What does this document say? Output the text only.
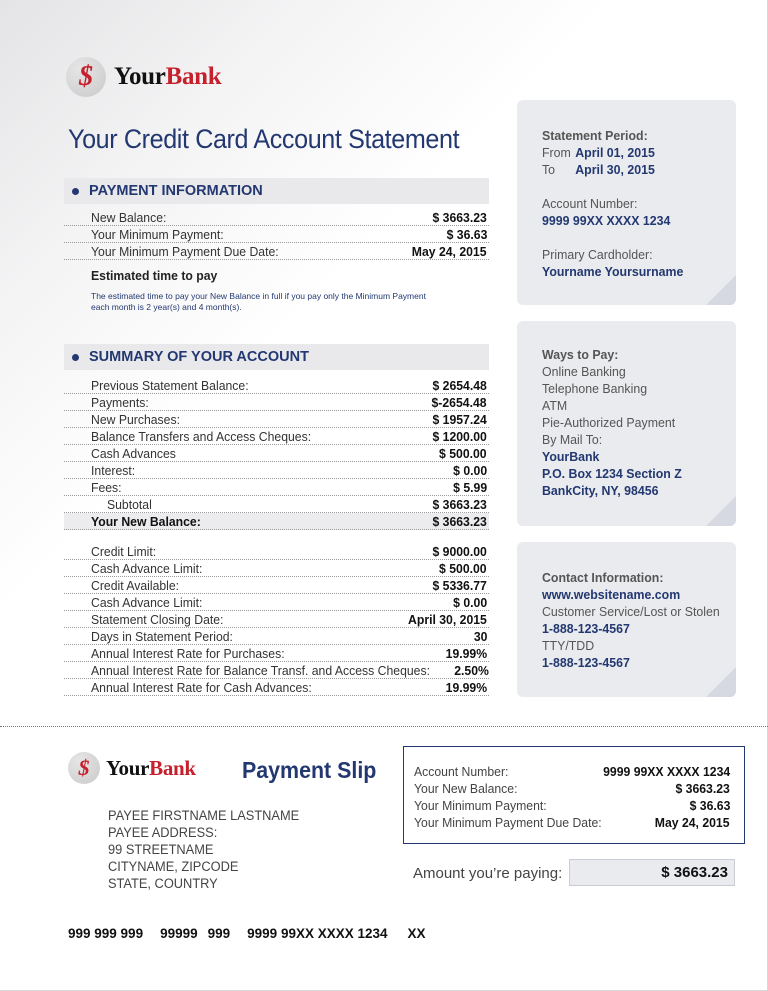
$ YourBank
Your Credit Card Account Statement
PAYMENT INFORMATION
New Balance:	$ 3663.23
Your Minimum Payment:	$ 36.63
Your Minimum Payment Due Date:	May 24, 2015
Estimated time to pay
The estimated time to pay your New Balance in full if you pay only the Minimum Payment each month is 2 year(s) and 4 month(s).
SUMMARY OF YOUR ACCOUNT
Previous Statement Balance:	$ 2654.48
Payments:	$-2654.48
New Purchases:	$ 1957.24
Balance Transfers and Access Cheques:	$ 1200.00
Cash Advances	$ 500.00
Interest:	$ 0.00
Fees:	$ 5.99
Subtotal	$ 3663.23
Your New Balance:	$ 3663.23
Credit Limit:	$ 9000.00
Cash Advance Limit:	$ 500.00
Credit Available:	$ 5336.77
Cash Advance Limit:	$ 0.00
Statement Closing Date:	April 30, 2015
Days in Statement Period:	30
Annual Interest Rate for Purchases:	19.99%
Annual Interest Rate for Balance Transf. and Access Cheques: 2.50%
Annual Interest Rate for Cash Advances:	19.99%
Statement Period:
From April 01, 2015
To	April 30, 2015
Account Number:
9999 99XX XXXX 1234
Primary Cardholder:
Yourname Yoursurname
Ways to Pay:
Online Banking
Telephone Banking
ATM
Pie-Authorized Payment
By Mail To:
YourBank
P.O. Box 1234 Section Z
BankCity, NY, 98456
Contact Information:
www.websitename.com
Customer Service/Lost or Stolen
1-888-123-4567
TTY/TDD
1-888-123-4567
$ YourBank Payment Slip
PAYEE FIRSTNAME LASTNAME
PAYEE ADDRESS:
99 STREETNAME
CITYNAME, ZIPCODE
STATE, COUNTRY
Account Number:	9999 99XX XXXX 1234
Your New Balance:	$ 3663.23
Your Minimum Payment:	$ 36.63
Your Minimum Payment Due Date:	May 24, 2015
Amount you’re paying:	$ 3663.23
999 999 999 99999 999 9999 99XX XXXX 1234 XX
